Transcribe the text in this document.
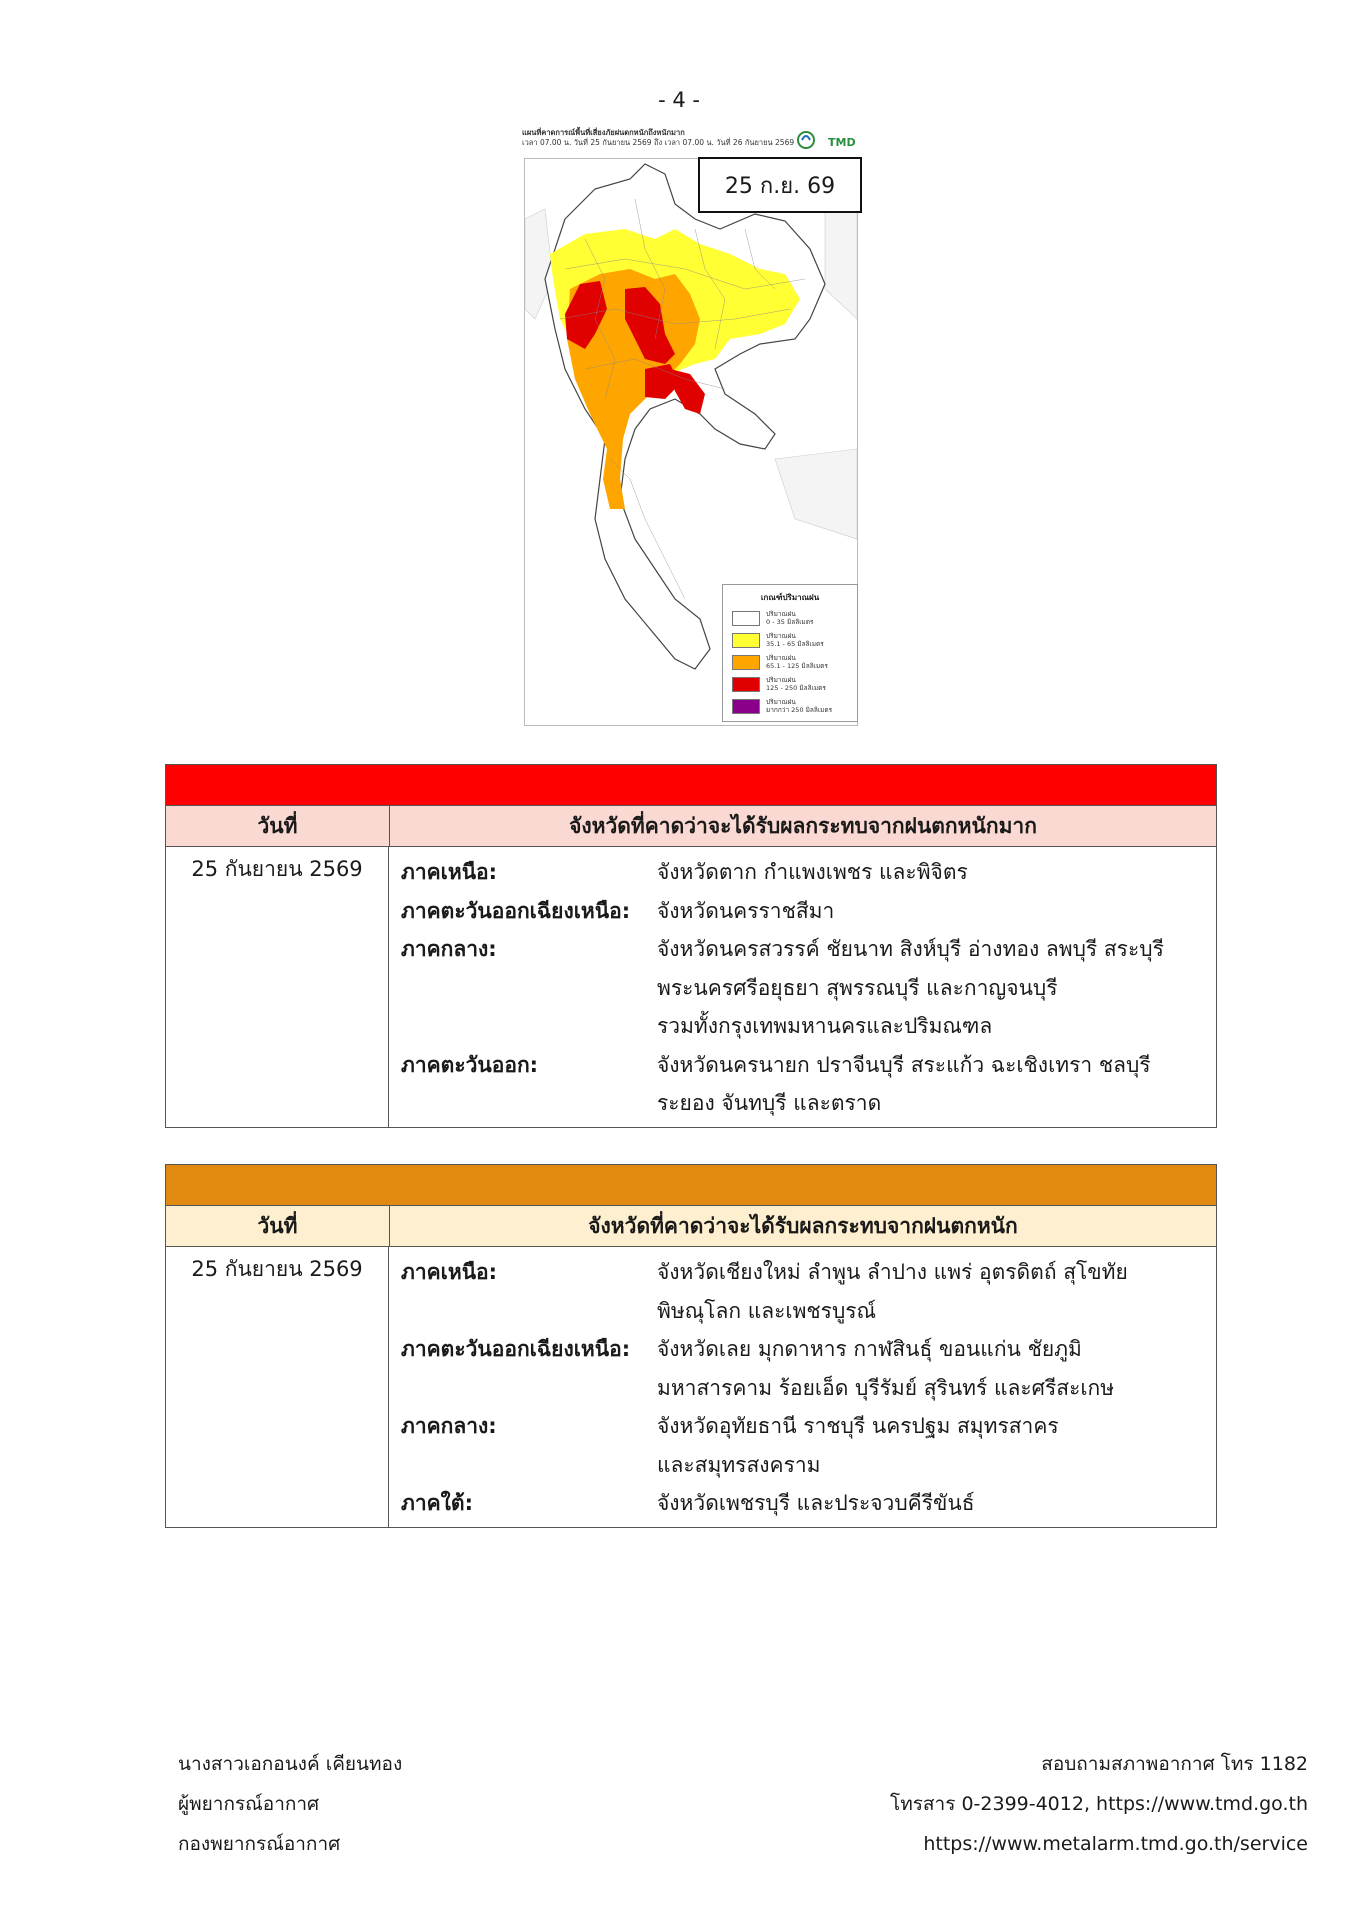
- 4 -
แผนที่คาดการณ์พื้นที่เสี่ยงภัยฝนตกหนักถึงหนักมาก
เวลา 07.00 น. วันที่ 25 กันยายน 2569 ถึง เวลา 07.00 น. วันที่ 26 กันยายน 2569	TMD
25 ก.ย. 69
เกณฑ์ปริมาณฝน
ปริมาณฝน
0 - 35 มิลลิเมตร
ปริมาณฝน
35.1 - 65 มิลลิเมตร
ปริมาณฝน
65.1 - 125 มิลลิเมตร
ปริมาณฝน
125 - 250 มิลลิเมตร
ปริมาณฝน
มากกว่า 250 มิลลิเมตร
วันที่	จังหวัดที่คาดว่าจะได้รับผลกระทบจากฝนตกหนักมาก
25 กันยายน 2569	ภาคเหนือ:	จังหวัดตาก กำแพงเพชร และพิจิตร
ภาคตะวันออกเฉียงเหนือ:	จังหวัดนครราชสีมา
ภาคกลาง:	จังหวัดนครสวรรค์ ชัยนาท สิงห์บุรี อ่างทอง ลพบุรี สระบุรี
พระนครศรีอยุธยา สุพรรณบุรี และกาญจนบุรี
รวมทั้งกรุงเทพมหานครและปริมณฑล
ภาคตะวันออก:	จังหวัดนครนายก ปราจีนบุรี สระแก้ว ฉะเชิงเทรา ชลบุรี
ระยอง จันทบุรี และตราด
วันที่	จังหวัดที่คาดว่าจะได้รับผลกระทบจากฝนตกหนัก
25 กันยายน 2569	ภาคเหนือ:	จังหวัดเชียงใหม่ ลำพูน ลำปาง แพร่ อุตรดิตถ์ สุโขทัย
พิษณุโลก และเพชรบูรณ์
ภาคตะวันออกเฉียงเหนือ:	จังหวัดเลย มุกดาหาร กาฬสินธุ์ ขอนแก่น ชัยภูมิ
มหาสารคาม ร้อยเอ็ด บุรีรัมย์ สุรินทร์ และศรีสะเกษ
ภาคกลาง:	จังหวัดอุทัยธานี ราชบุรี นครปฐม สมุทรสาคร
และสมุทรสงคราม
ภาคใต้:	จังหวัดเพชรบุรี และประจวบคีรีขันธ์
นางสาวเอกอนงค์ เคียนทอง
ผู้พยากรณ์อากาศ
กองพยากรณ์อากาศ
สอบถามสภาพอากาศ โทร 1182
โทรสาร 0-2399-4012, https://www.tmd.go.th
https://www.metalarm.tmd.go.th/service
